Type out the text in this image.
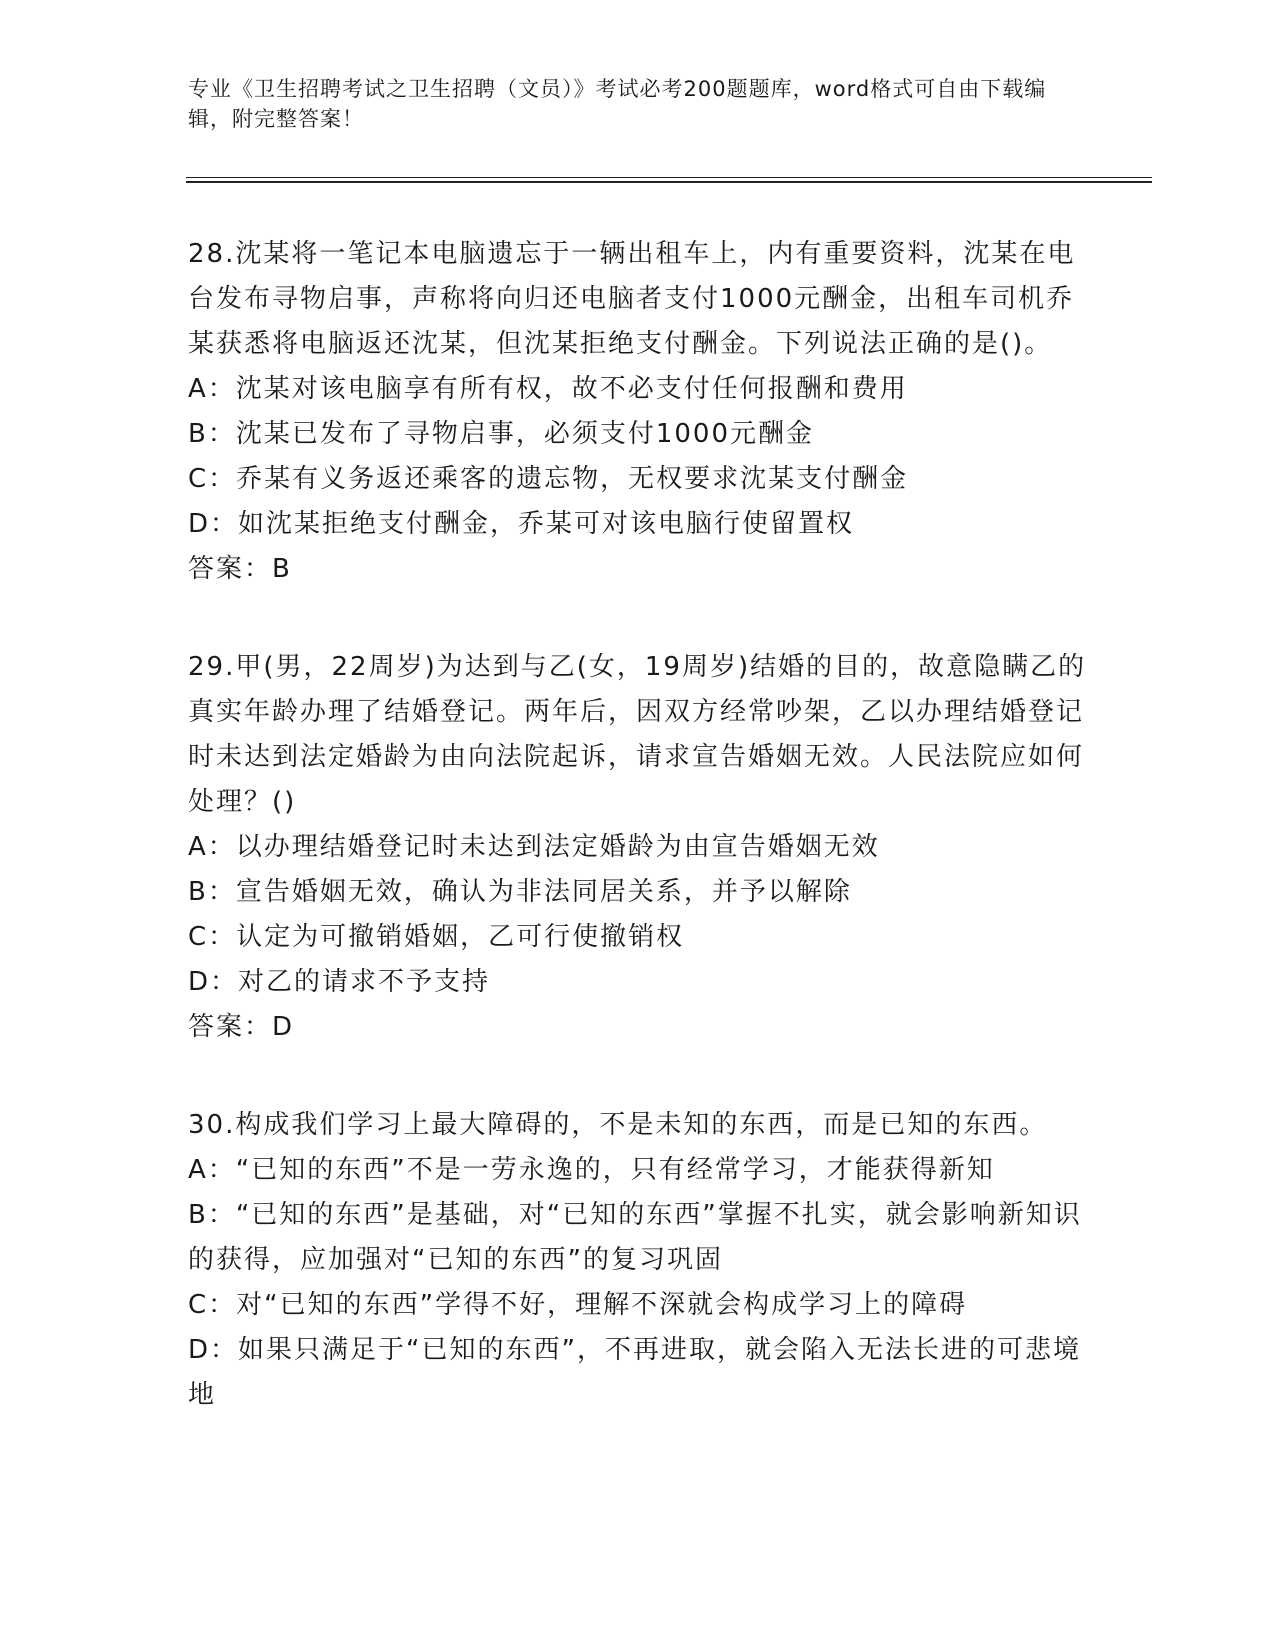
专业《卫生招聘考试之卫生招聘（文员）》考试必考200题题库，word格式可自由下载编辑，附完整答案！

28.沈某将一笔记本电脑遗忘于一辆出租车上，内有重要资料，沈某在电台发布寻物启事，声称将向归还电脑者支付1000元酬金，出租车司机乔某获悉将电脑返还沈某，但沈某拒绝支付酬金。下列说法正确的是()。

A：沈某对该电脑享有所有权，故不必支付任何报酬和费用

B：沈某已发布了寻物启事，必须支付1000元酬金

C：乔某有义务返还乘客的遗忘物，无权要求沈某支付酬金

D：如沈某拒绝支付酬金，乔某可对该电脑行使留置权

答案：B

29.甲(男，22周岁)为达到与乙(女，19周岁)结婚的目的，故意隐瞒乙的真实年龄办理了结婚登记。两年后，因双方经常吵架，乙以办理结婚登记时未达到法定婚龄为由向法院起诉，请求宣告婚姻无效。人民法院应如何处理？()

A：以办理结婚登记时未达到法定婚龄为由宣告婚姻无效

B：宣告婚姻无效，确认为非法同居关系，并予以解除

C：认定为可撤销婚姻，乙可行使撤销权

D：对乙的请求不予支持

答案：D

30.构成我们学习上最大障碍的，不是未知的东西，而是已知的东西。

A：“已知的东西”不是一劳永逸的，只有经常学习，才能获得新知

B：“已知的东西”是基础，对“已知的东西”掌握不扎实，就会影响新知识的获得，应加强对“已知的东西”的复习巩固

C：对“已知的东西”学得不好，理解不深就会构成学习上的障碍

D：如果只满足于“已知的东西”，不再进取，就会陷入无法长进的可悲境地
